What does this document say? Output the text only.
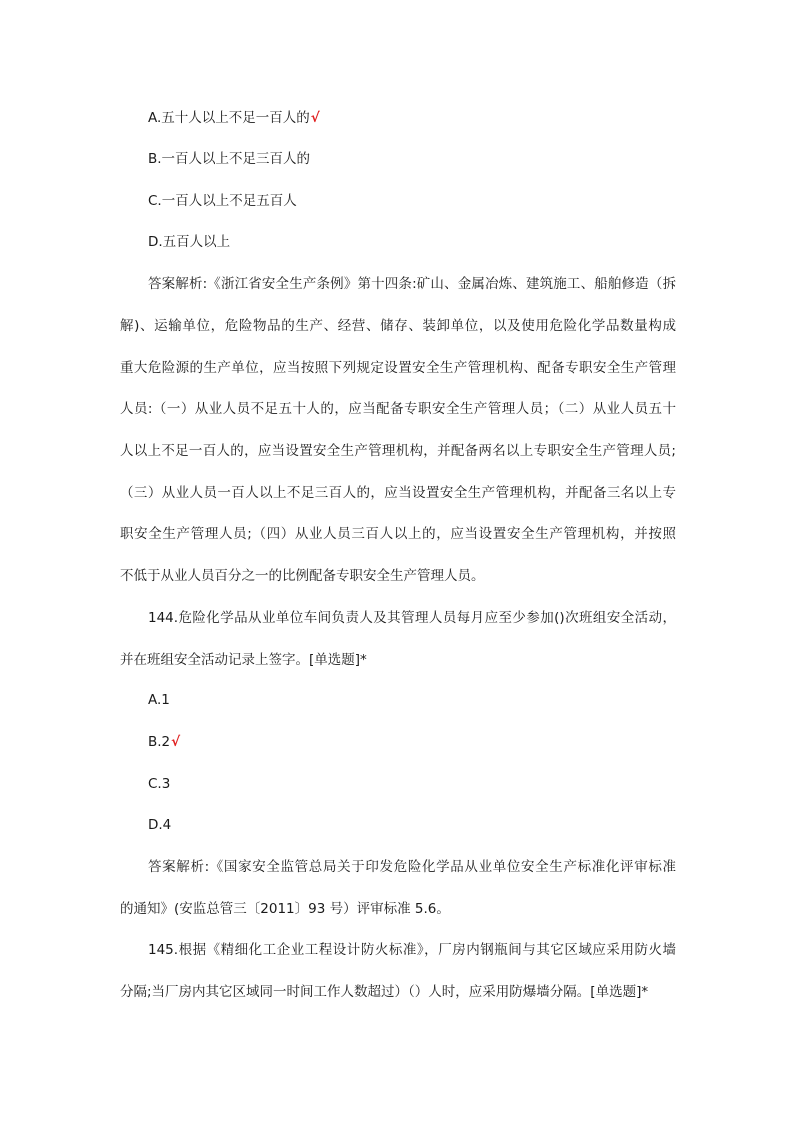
A.五十人以上不足一百人的√
B.一百人以上不足三百人的
C.一百人以上不足五百人
D.五百人以上
答案解析:《浙江省安全生产条例》第十四条:矿山、金属冶炼、建筑施工、船舶修造（拆
解)、运输单位，危险物品的生产、经营、储存、装卸单位，以及使用危险化学品数量构成
重大危险源的生产单位，应当按照下列规定设置安全生产管理机构、配备专职安全生产管理
人员:（一）从业人员不足五十人的，应当配备专职安全生产管理人员；（二）从业人员五十
人以上不足一百人的，应当设置安全生产管理机构，并配备两名以上专职安全生产管理人员;
（三）从业人员一百人以上不足三百人的，应当设置安全生产管理机构，并配备三名以上专
职安全生产管理人员;（四）从业人员三百人以上的，应当设置安全生产管理机构，并按照
不低于从业人员百分之一的比例配备专职安全生产管理人员。
144.危险化学品从业单位车间负责人及其管理人员每月应至少参加()次班组安全活动，
并在班组安全活动记录上签字。[单选题]*
A.1
B.2√
C.3
D.4
答案解析:《国家安全监管总局关于印发危险化学品从业单位安全生产标准化评审标准
的通知》(安监总管三〔2011〕93 号）评审标准 5.6。
145.根据《精细化工企业工程设计防火标准》，厂房内钢瓶间与其它区域应采用防火墙
分隔;当厂房内其它区域同一时间工作人数超过）（）人时，应采用防爆墙分隔。[单选题]*
